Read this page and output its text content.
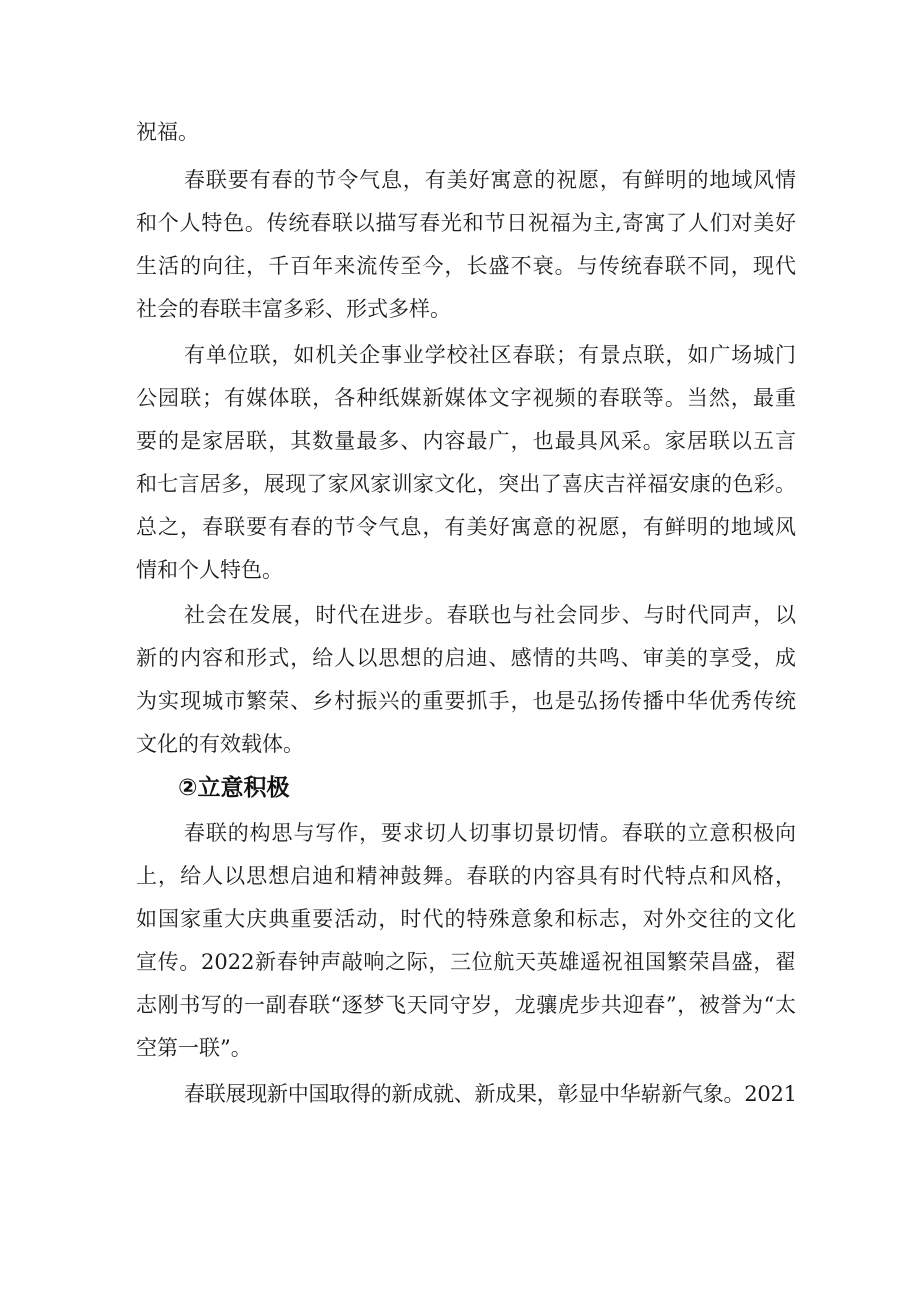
祝福。

春联要有春的节令气息，有美好寓意的祝愿，有鲜明的地域风情

和个人特色。传统春联以描写春光和节日祝福为主,寄寓了人们对美好

生活的向往，千百年来流传至今，长盛不衰。与传统春联不同，现代

社会的春联丰富多彩、形式多样。

有单位联，如机关企事业学校社区春联；有景点联，如广场城门

公园联；有媒体联，各种纸媒新媒体文字视频的春联等。当然，最重

要的是家居联，其数量最多、内容最广，也最具风采。家居联以五言

和七言居多，展现了家风家训家文化，突出了喜庆吉祥福安康的色彩。

总之，春联要有春的节令气息，有美好寓意的祝愿，有鲜明的地域风

情和个人特色。

社会在发展，时代在进步。春联也与社会同步、与时代同声，以

新的内容和形式，给人以思想的启迪、感情的共鸣、审美的享受，成

为实现城市繁荣、乡村振兴的重要抓手，也是弘扬传播中华优秀传统

文化的有效载体。

②立意积极

春联的构思与写作，要求切人切事切景切情。春联的立意积极向

上，给人以思想启迪和精神鼓舞。春联的内容具有时代特点和风格，

如国家重大庆典重要活动，时代的特殊意象和标志，对外交往的文化

宣传。2022新春钟声敲响之际，三位航天英雄遥祝祖国繁荣昌盛，翟

志刚书写的一副春联“逐梦飞天同守岁，龙骧虎步共迎春”，被誉为“太

空第一联”。

春联展现新中国取得的新成就、新成果，彰显中华崭新气象。2021
